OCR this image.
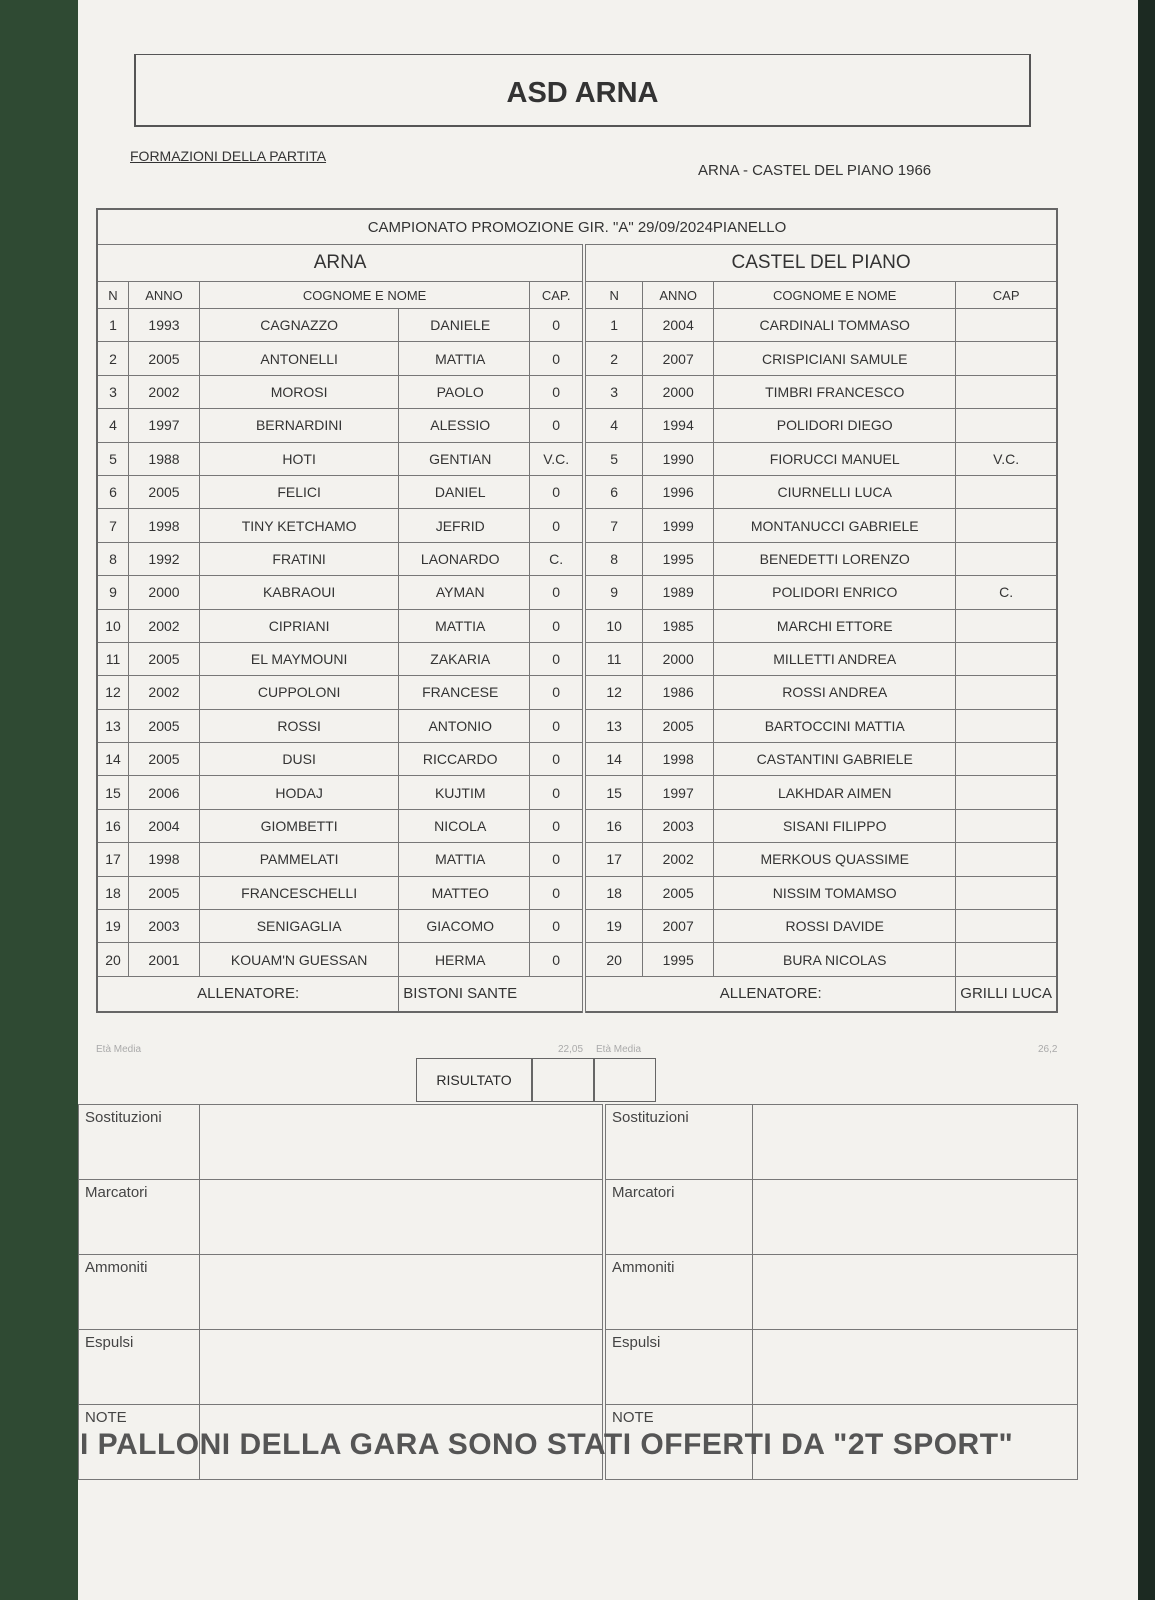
ASD ARNA
FORMAZIONI DELLA PARTITA
ARNA - CASTEL DEL PIANO 1966
CAMPIONATO PROMOZIONE GIR. "A" 29/09/2024PIANELLO								
ARNA					CASTEL DEL PIANO			
N	ANNO	COGNOME E NOME		CAP.	N	ANNO	COGNOME E NOME	CAP
1	1993	CAGNAZZO	DANIELE	0	1	2004	CARDINALI TOMMASO	
2	2005	ANTONELLI	MATTIA	0	2	2007	CRISPICIANI SAMULE	
3	2002	MOROSI	PAOLO	0	3	2000	TIMBRI FRANCESCO	
4	1997	BERNARDINI	ALESSIO	0	4	1994	POLIDORI DIEGO	
5	1988	HOTI	GENTIAN	V.C.	5	1990	FIORUCCI MANUEL	V.C.
6	2005	FELICI	DANIEL	0	6	1996	CIURNELLI LUCA	
7	1998	TINY KETCHAMO	JEFRID	0	7	1999	MONTANUCCI GABRIELE	
8	1992	FRATINI	LAONARDO	C.	8	1995	BENEDETTI LORENZO	
9	2000	KABRAOUI	AYMAN	0	9	1989	POLIDORI ENRICO	C.
10	2002	CIPRIANI	MATTIA	0	10	1985	MARCHI ETTORE	
11	2005	EL MAYMOUNI	ZAKARIA	0	11	2000	MILLETTI ANDREA	
12	2002	CUPPOLONI	FRANCESE	0	12	1986	ROSSI ANDREA	
13	2005	ROSSI	ANTONIO	0	13	2005	BARTOCCINI MATTIA	
14	2005	DUSI	RICCARDO	0	14	1998	CASTANTINI GABRIELE	
15	2006	HODAJ	KUJTIM	0	15	1997	LAKHDAR AIMEN	
16	2004	GIOMBETTI	NICOLA	0	16	2003	SISANI FILIPPO	
17	1998	PAMMELATI	MATTIA	0	17	2002	MERKOUS QUASSIME	
18	2005	FRANCESCHELLI	MATTEO	0	18	2005	NISSIM TOMAMSO	
19	2003	SENIGAGLIA	GIACOMO	0	19	2007	ROSSI DAVIDE	
20	2001	KOUAM'N GUESSAN	HERMA	0	20	1995	BURA NICOLAS	
ALLENATORE:			BISTONI SANTE		ALLENATORE:			GRILLI LUCA
Età Media	22,05 Età Media	26,2
RISULTATO
Sostituzioni		Sostituzioni	
Marcatori		Marcatori	
Ammoniti		Ammoniti	
Espulsi		Espulsi	
NOTE		NOTE	
I PALLONI DELLA GARA SONO STATI OFFERTI DA "2T SPORT"
